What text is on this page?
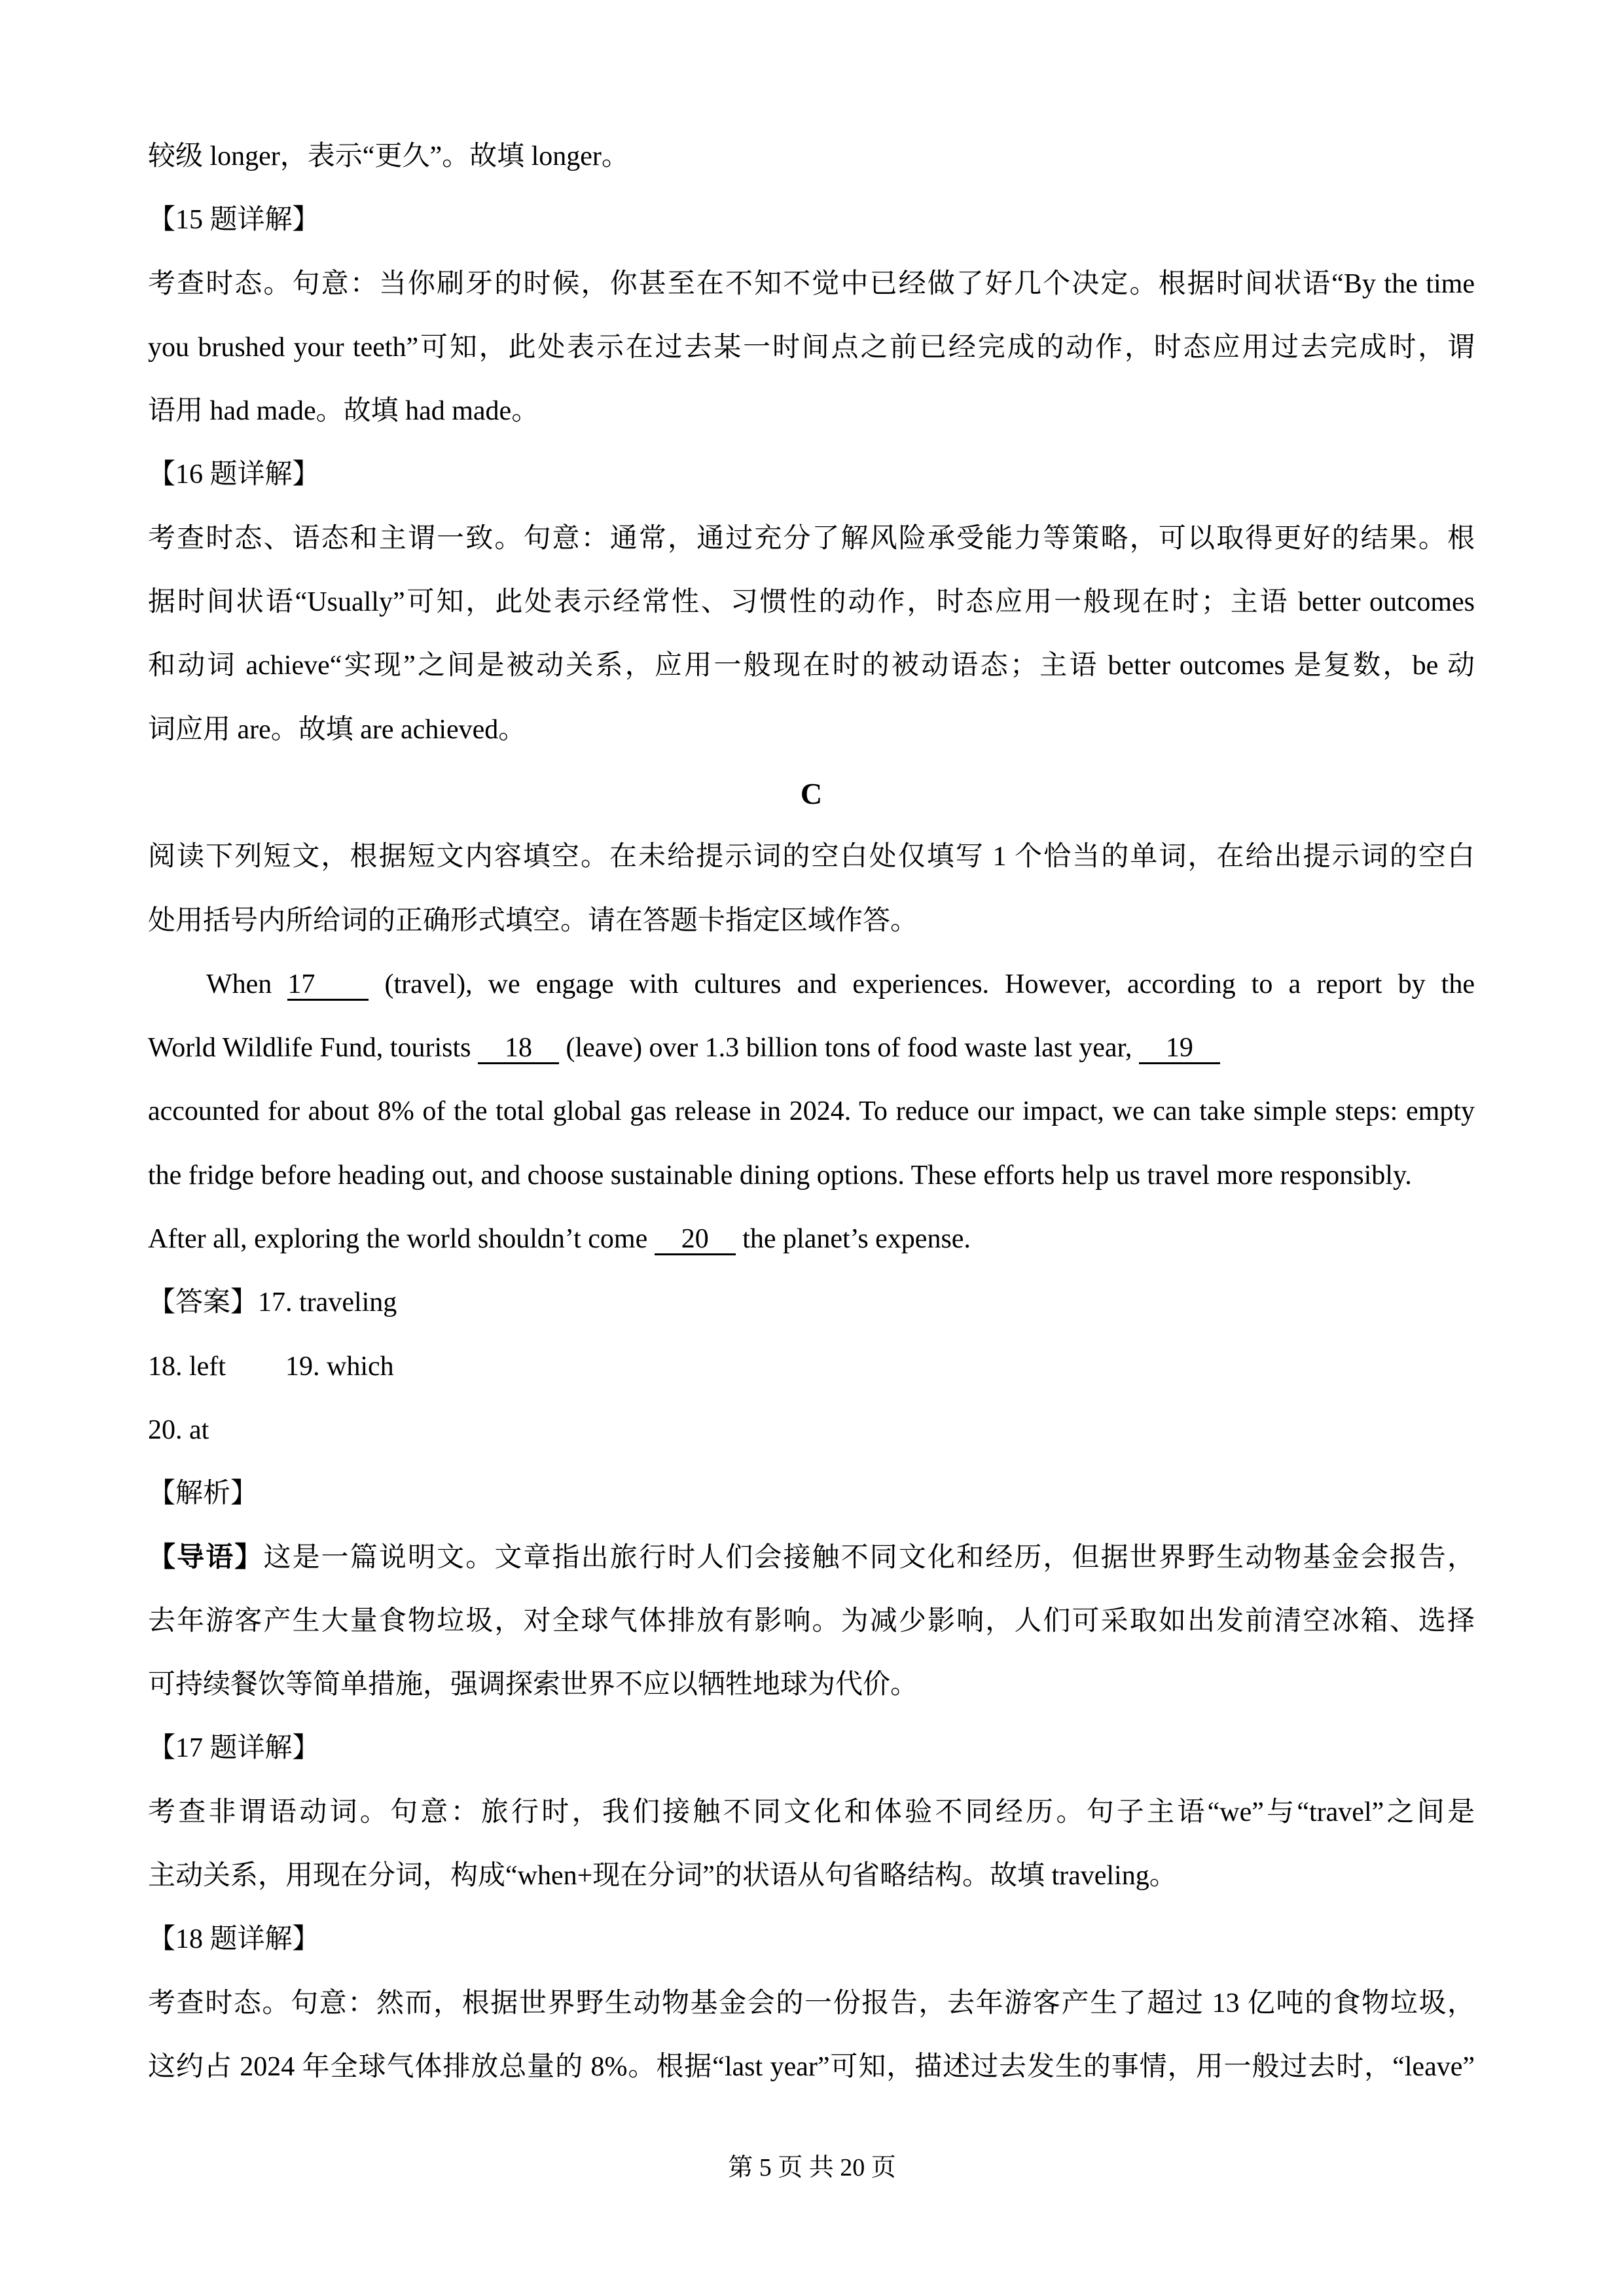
较级 longer，表示“更久”。故填 longer。
【15 题详解】
考查时态。句意：当你刷牙的时候，你甚至在不知不觉中已经做了好几个决定。根据时间状语“By the time
you brushed your teeth”可知，此处表示在过去某一时间点之前已经完成的动作，时态应用过去完成时，谓
语用 had made。故填 had made。
【16 题详解】
考查时态、语态和主谓一致。句意：通常，通过充分了解风险承受能力等策略，可以取得更好的结果。根
据时间状语“Usually”可知，此处表示经常性、习惯性的动作，时态应用一般现在时；主语 better outcomes
和动词 achieve“实现”之间是被动关系，应用一般现在时的被动语态；主语 better outcomes 是复数，be 动
词应用 are。故填 are achieved。
C
阅读下列短文，根据短文内容填空。在未给提示词的空白处仅填写 1 个恰当的单词，在给出提示词的空白
处用括号内所给词的正确形式填空。请在答题卡指定区域作答。
When 17 (travel), we engage with cultures and experiences. However, according to a report by the
World Wildlife Fund, tourists 18 (leave) over 1.3 billion tons of food waste last year, 19
accounted for about 8% of the total global gas release in 2024. To reduce our impact, we can take simple steps: empty
the fridge before heading out, and choose sustainable dining options. These efforts help us travel more responsibly.
After all, exploring the world shouldn’t come 20 the planet’s expense.
【答案】17. traveling
18. left 19. which
20. at
【解析】
【导语】这是一篇说明文。文章指出旅行时人们会接触不同文化和经历，但据世界野生动物基金会报告，
去年游客产生大量食物垃圾，对全球气体排放有影响。为减少影响，人们可采取如出发前清空冰箱、选择
可持续餐饮等简单措施，强调探索世界不应以牺牲地球为代价。
【17 题详解】
考查非谓语动词。句意：旅行时，我们接触不同文化和体验不同经历。句子主语“we”与“travel”之间是
主动关系，用现在分词，构成“when+现在分词”的状语从句省略结构。故填 traveling。
【18 题详解】
考查时态。句意：然而，根据世界野生动物基金会的一份报告，去年游客产生了超过 13 亿吨的食物垃圾，
这约占 2024 年全球气体排放总量的 8%。根据“last year”可知，描述过去发生的事情，用一般过去时，“leave”
第 5 页 共 20 页
